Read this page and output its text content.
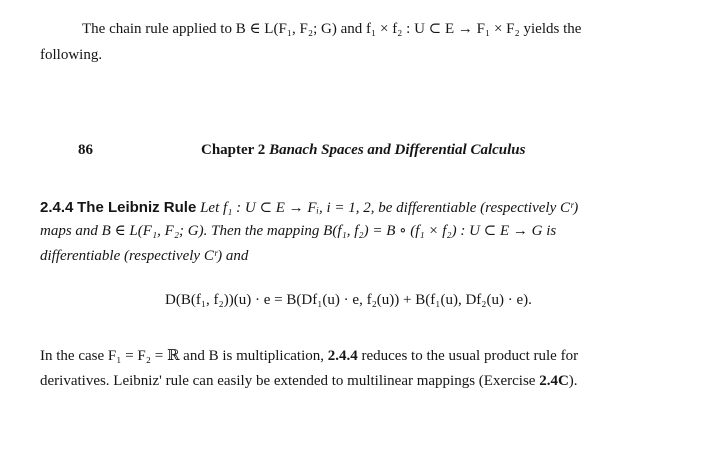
The chain rule applied to B ∈ L(F₁, F₂; G) and f₁ × f₂ : U ⊂ E → F₁ × F₂ yields the
following.
86	Chapter 2 Banach Spaces and Differential Calculus
2.4.4 The Leibniz Rule Let f₁ : U ⊂ E → Fᵢ, i = 1, 2, be differentiable (respectively Cʳ)
maps and B ∈ L(F₁, F₂; G). Then the mapping B(f₁, f₂) = B ∘ (f₁ × f₂) : U ⊂ E → G is
differentiable (respectively Cʳ) and
D(B(f₁, f₂))(u) · e = B(Df₁(u) · e, f₂(u)) + B(f₁(u), Df₂(u) · e).
In the case F₁ = F₂ = ℝ and B is multiplication, 2.4.4 reduces to the usual product rule for
derivatives. Leibniz' rule can easily be extended to multilinear mappings (Exercise 2.4C).
